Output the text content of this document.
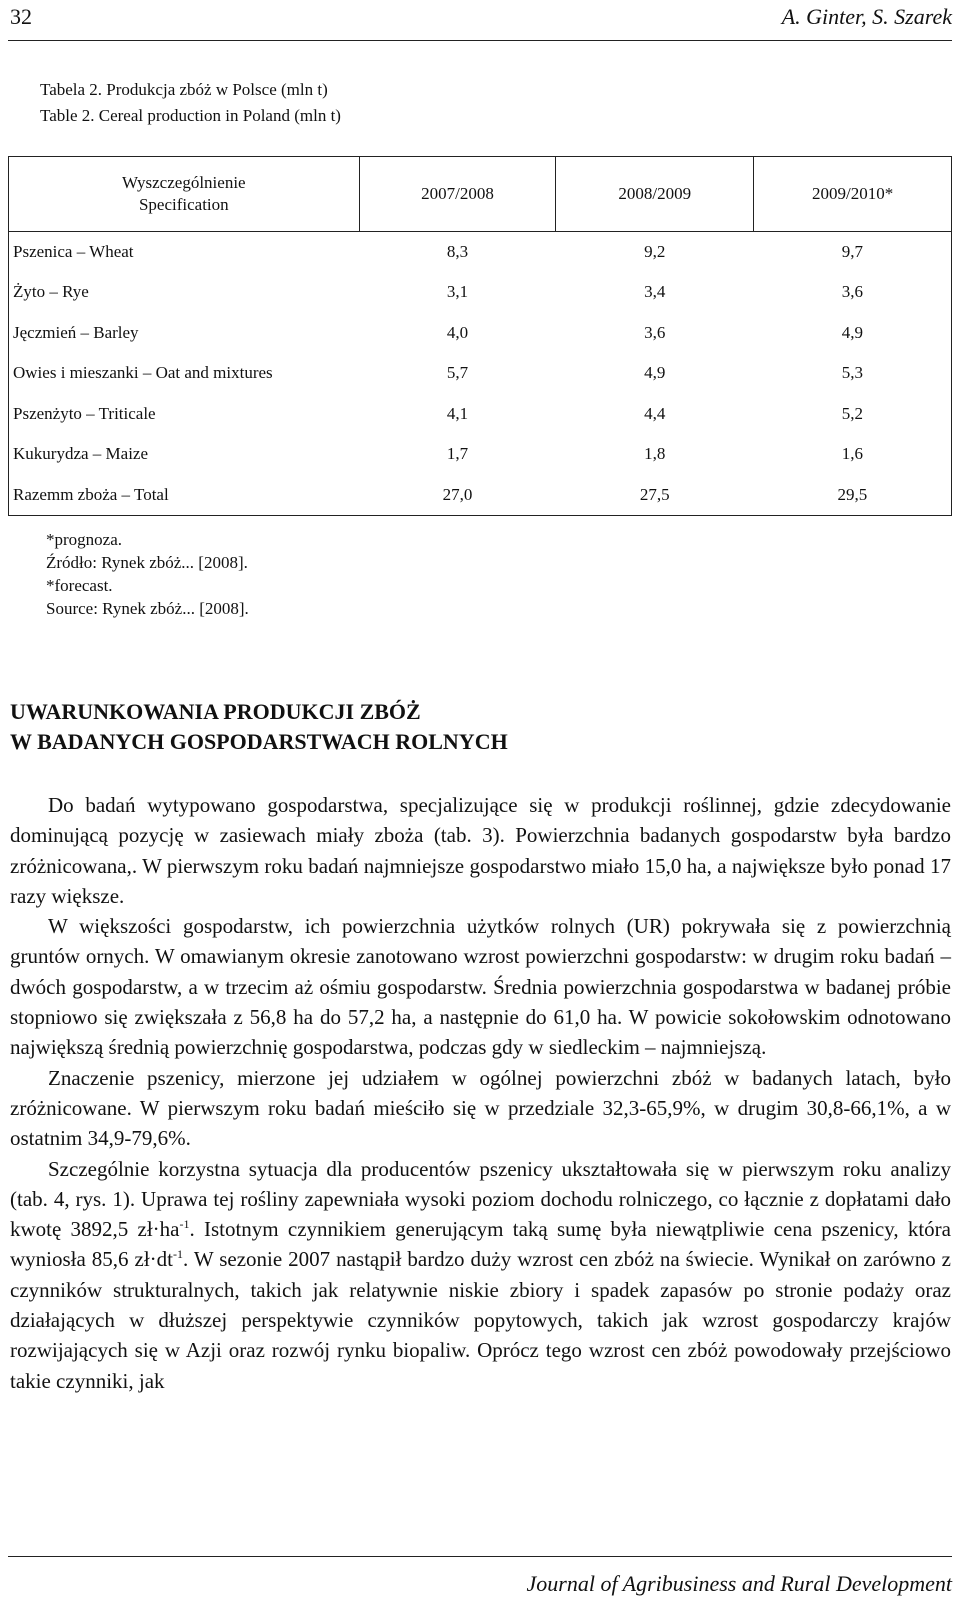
32	A. Ginter, S. Szarek
Tabela 2. Produkcja zbóż w Polsce (mln t)
Table 2. Cereal production in Poland (mln t)
Wyszczególnienie
Specification	2007/2008	2008/2009	2009/2010*
Pszenica – Wheat	8,3	9,2	9,7
Żyto – Rye	3,1	3,4	3,6
Jęczmień – Barley	4,0	3,6	4,9
Owies i mieszanki – Oat and mixtures	5,7	4,9	5,3
Pszenżyto – Triticale	4,1	4,4	5,2
Kukurydza – Maize	1,7	1,8	1,6
Razemm zboża – Total	27,0	27,5	29,5
*prognoza.
Źródło: Rynek zbóż... [2008].
*forecast.
Source: Rynek zbóż... [2008].
UWARUNKOWANIA PRODUKCJI ZBÓŻ
W BADANYCH GOSPODARSTWACH ROLNYCH

Do badań wytypowano gospodarstwa, specjalizujące się w produkcji roślinnej, gdzie zdecydowanie dominującą pozycję w zasiewach miały zboża (tab. 3). Powierzchnia badanych gospodarstw była bardzo zróżnicowana,. W pierwszym roku badań najmniejsze gospodarstwo miało 15,0 ha, a największe było ponad 17 razy większe.

W większości gospodarstw, ich powierzchnia użytków rolnych (UR) pokrywała się z powierzchnią gruntów ornych. W omawianym okresie zanotowano wzrost powierzchni gospodarstw: w drugim roku badań – dwóch gospodarstw, a w trzecim aż ośmiu gospodarstw. Średnia powierzchnia gospodarstwa w badanej próbie stopniowo się zwiększała z 56,8 ha do 57,2 ha, a następnie do 61,0 ha. W powicie sokołowskim odnotowano największą średnią powierzchnię gospodarstwa, podczas gdy w siedleckim – najmniejszą.

Znaczenie pszenicy, mierzone jej udziałem w ogólnej powierzchni zbóż w badanych latach, było zróżnicowane. W pierwszym roku badań mieściło się w przedziale 32,3-65,9%, w drugim 30,8-66,1%, a w ostatnim 34,9-79,6%.

Szczególnie korzystna sytuacja dla producentów pszenicy ukształtowała się w pierwszym roku analizy (tab. 4, rys. 1). Uprawa tej rośliny zapewniała wysoki poziom dochodu rolniczego, co łącznie z dopłatami dało kwotę 3892,5 $zł\cdot ha^{-1}$. Istotnym czynnikiem generującym taką sumę była niewątpliwie cena pszenicy, która wyniosła 85,6 $zł\cdot dt^{-1}$. W sezonie 2007 nastąpił bardzo duży wzrost cen zbóż na świecie. Wynikał on zarówno z czynników strukturalnych, takich jak relatywnie niskie zbiory i spadek zapasów po stronie podaży oraz działających w dłuższej perspektywie czynników popytowych, takich jak wzrost gospodarczy krajów rozwijających się w Azji oraz rozwój rynku biopaliw. Oprócz tego wzrost cen zbóż powodowały przejściowo takie czynniki, jak

Journal of Agribusiness and Rural Development
